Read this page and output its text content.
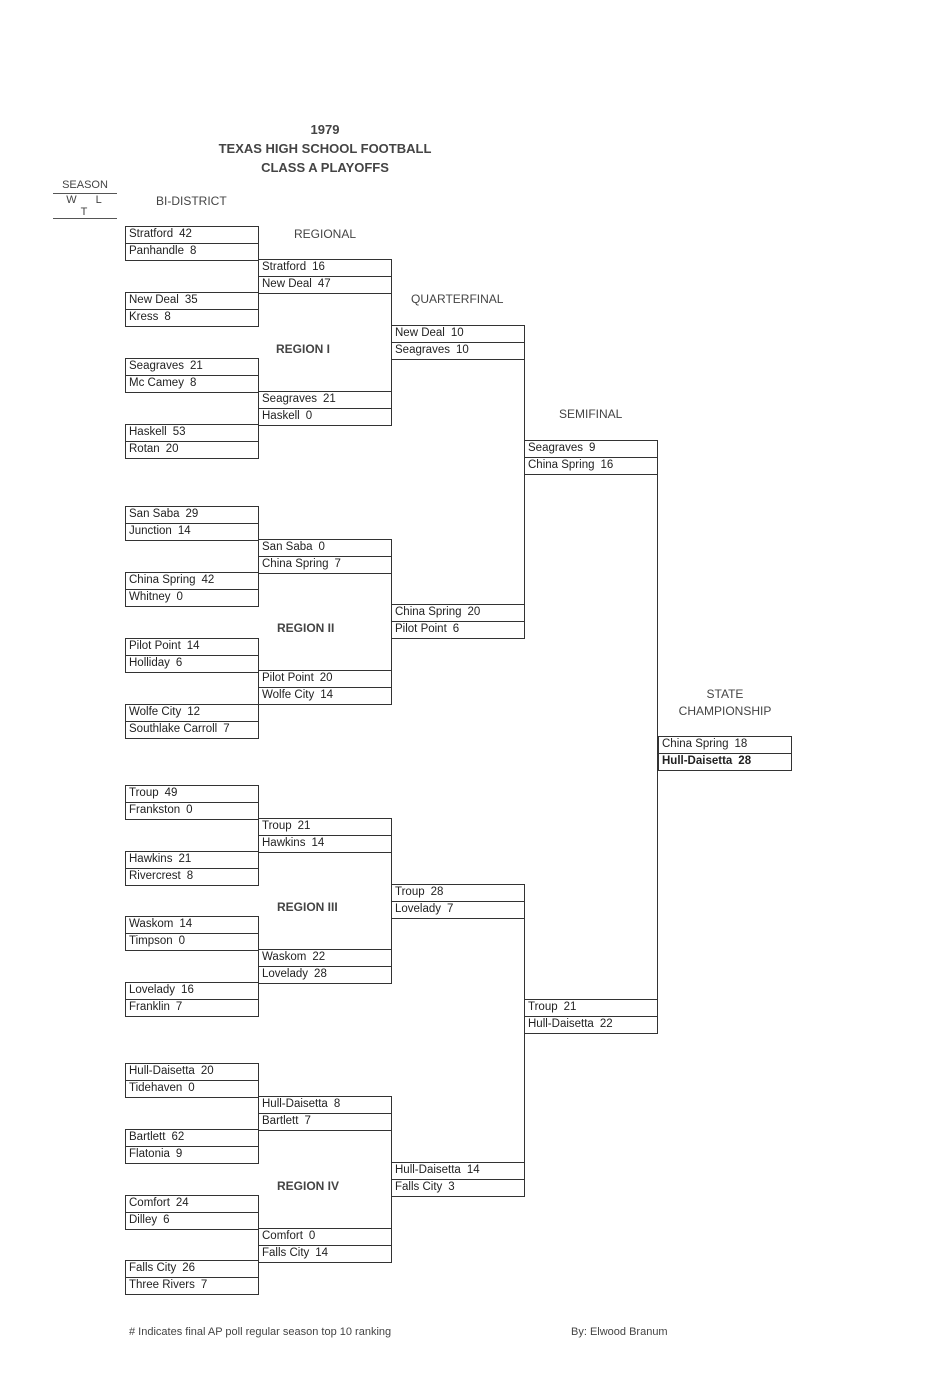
1979
TEXAS HIGH SCHOOL FOOTBALL
CLASS A PLAYOFFS
SEASON
W L T
BI-DISTRICT
REGIONAL
QUARTERFINAL
SEMIFINAL
STATE
CHAMPIONSHIP
REGION I
REGION II
REGION III
REGION IV
Stratford 42
Panhandle 8
New Deal 35
Kress 8
Seagraves 21
Mc Camey 8
Haskell 53
Rotan 20
San Saba 29
Junction 14
China Spring 42
Whitney 0
Pilot Point 14
Holliday 6
Wolfe City 12
Southlake Carroll 7
Troup 49
Frankston 0
Hawkins 21
Rivercrest 8
Waskom 14
Timpson 0
Lovelady 16
Franklin 7
Hull-Daisetta 20
Tidehaven 0
Bartlett 62
Flatonia 9
Comfort 24
Dilley 6
Falls City 26
Three Rivers 7
Stratford 16
New Deal 47
Seagraves 21
Haskell 0
San Saba 0
China Spring 7
Pilot Point 20
Wolfe City 14
Troup 21
Hawkins 14
Waskom 22
Lovelady 28
Hull-Daisetta 8
Bartlett 7
Comfort 0
Falls City 14
New Deal 10
Seagraves 10
China Spring 20
Pilot Point 6
Troup 28
Lovelady 7
Hull-Daisetta 14
Falls City 3
Seagraves 9
China Spring 16
Troup 21
Hull-Daisetta 22
China Spring 18
Hull-Daisetta 28
# Indicates final AP poll regular season top 10 ranking	By: Elwood Branum
